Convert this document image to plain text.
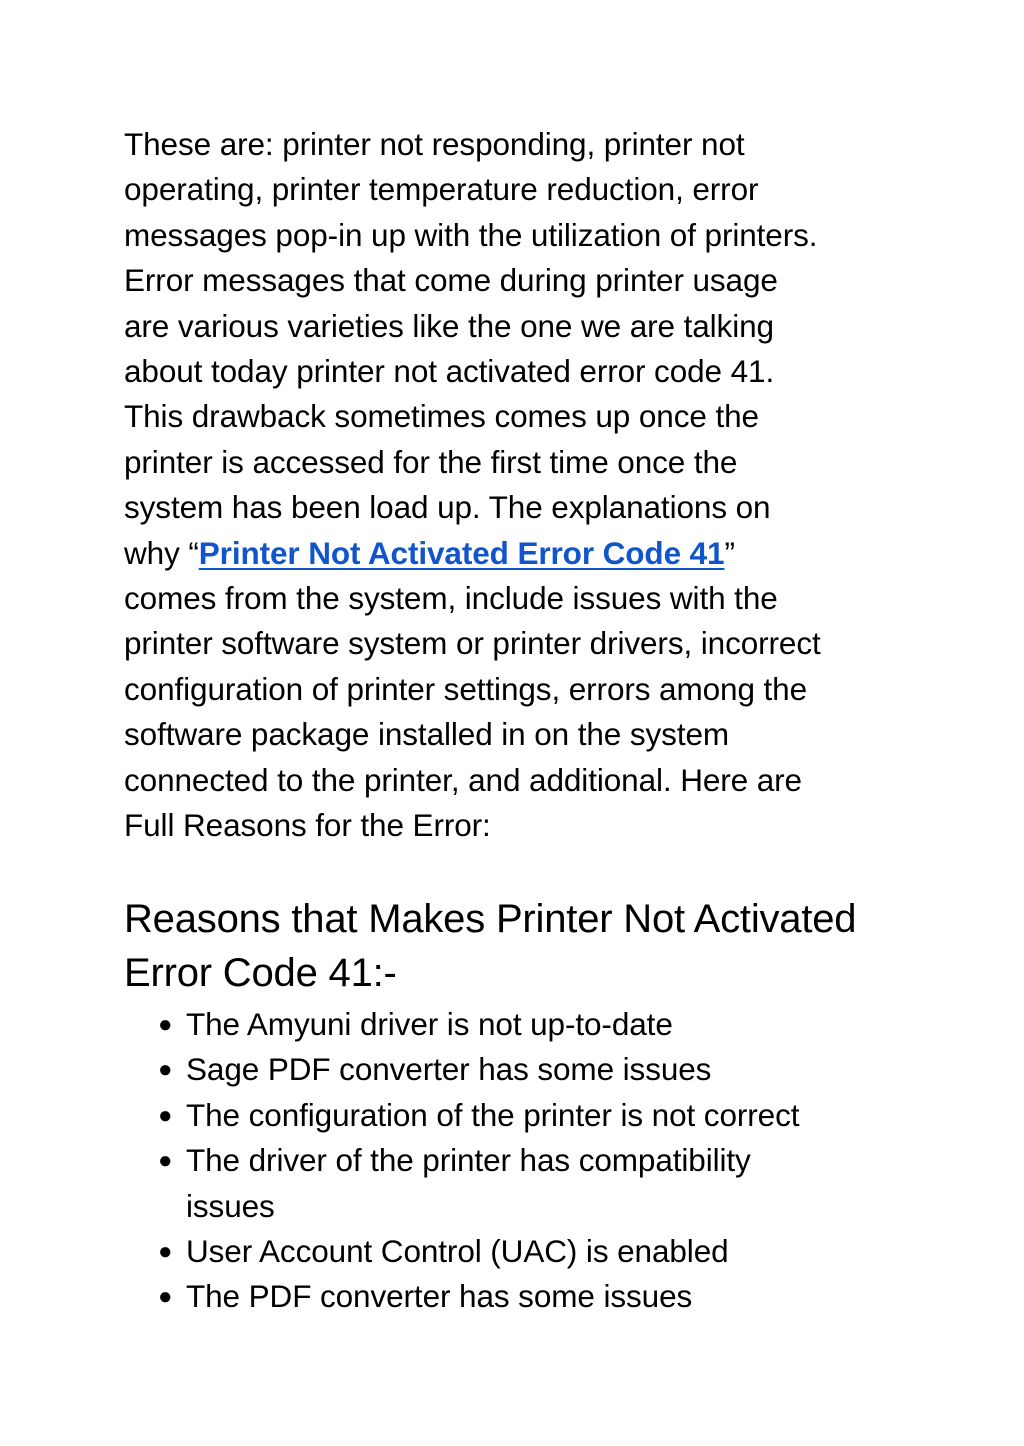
These are: printer not responding, printer not
operating, printer temperature reduction, error
messages pop-in up with the utilization of printers.
Error messages that come during printer usage
are various varieties like the one we are talking
about today printer not activated error code 41.
This drawback sometimes comes up once the
printer is accessed for the first time once the
system has been load up. The explanations on
why “Printer Not Activated Error Code 41”
comes from the system, include issues with the
printer software system or printer drivers, incorrect
configuration of printer settings, errors among the
software package installed in on the system
connected to the printer, and additional. Here are
Full Reasons for the Error:

Reasons that Makes Printer Not Activated
Error Code 41:-
● The Amyuni driver is not up-to-date
● Sage PDF converter has some issues
● The configuration of the printer is not correct
● The driver of the printer has compatibility
issues
● User Account Control (UAC) is enabled
● The PDF converter has some issues
